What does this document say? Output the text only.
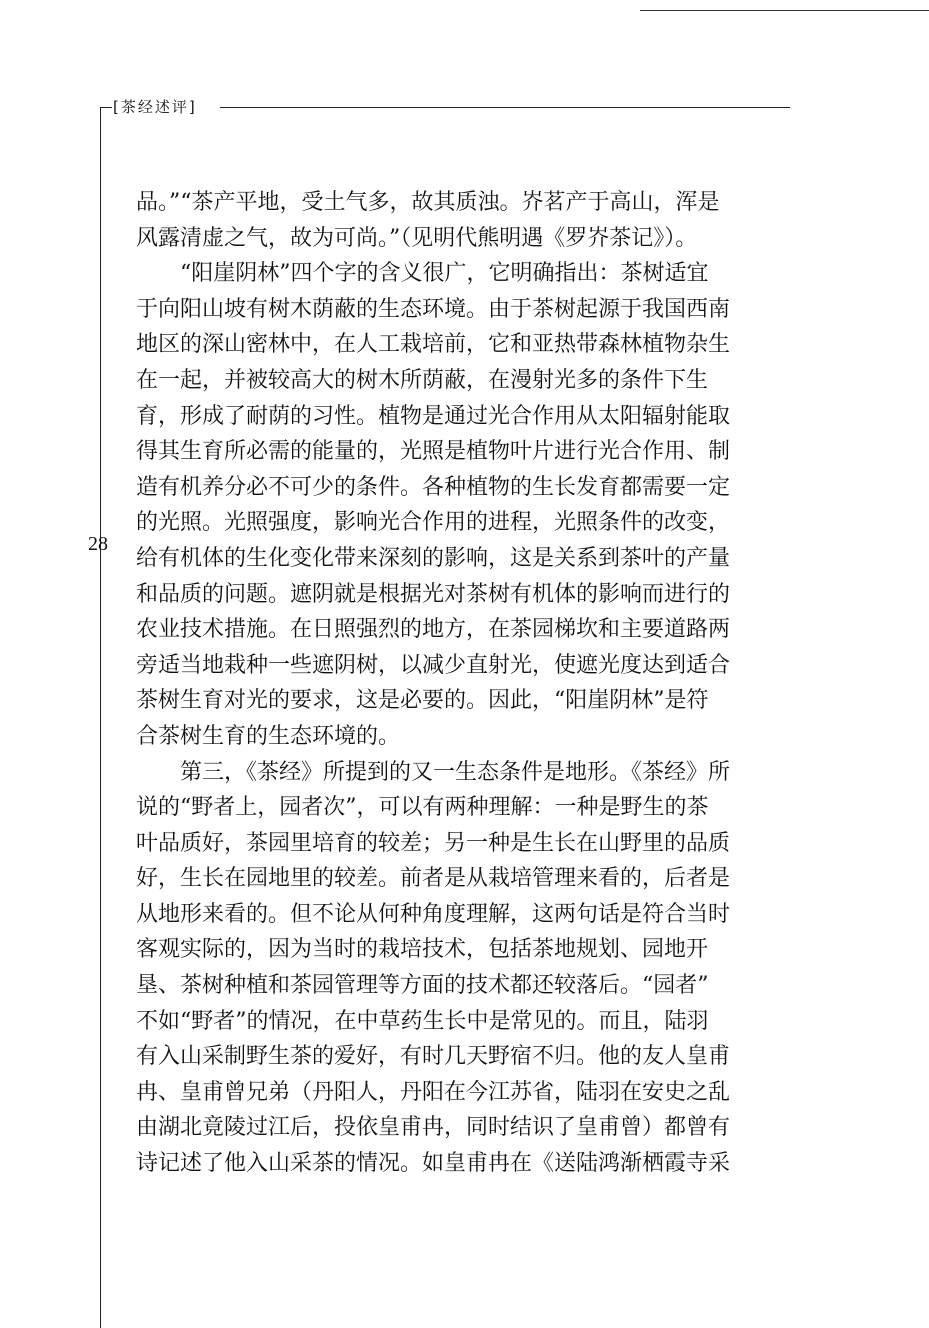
[茶经述评]
28
品。”“茶产平地，受土气多，故其质浊。岕茗产于高山，浑是
风露清虚之气，故为可尚。”（见明代熊明遇《罗岕茶记》）。
“阳崖阴林”四个字的含义很广，它明确指出：茶树适宜
于向阳山坡有树木荫蔽的生态环境。由于茶树起源于我国西南
地区的深山密林中，在人工栽培前，它和亚热带森林植物杂生
在一起，并被较高大的树木所荫蔽，在漫射光多的条件下生
育，形成了耐荫的习性。植物是通过光合作用从太阳辐射能取
得其生育所必需的能量的，光照是植物叶片进行光合作用、制
造有机养分必不可少的条件。各种植物的生长发育都需要一定
的光照。光照强度，影响光合作用的进程，光照条件的改变，
给有机体的生化变化带来深刻的影响，这是关系到茶叶的产量
和品质的问题。遮阴就是根据光对茶树有机体的影响而进行的
农业技术措施。在日照强烈的地方，在茶园梯坎和主要道路两
旁适当地栽种一些遮阴树，以减少直射光，使遮光度达到适合
茶树生育对光的要求，这是必要的。因此，“阳崖阴林”是符
合茶树生育的生态环境的。
第三，《茶经》所提到的又一生态条件是地形。《茶经》所
说的“野者上，园者次”，可以有两种理解：一种是野生的茶
叶品质好，茶园里培育的较差；另一种是生长在山野里的品质
好，生长在园地里的较差。前者是从栽培管理来看的，后者是
从地形来看的。但不论从何种角度理解，这两句话是符合当时
客观实际的，因为当时的栽培技术，包括茶地规划、园地开
垦、茶树种植和茶园管理等方面的技术都还较落后。“园者”
不如“野者”的情况，在中草药生长中是常见的。而且，陆羽
有入山采制野生茶的爱好，有时几天野宿不归。他的友人皇甫
冉、皇甫曾兄弟（丹阳人，丹阳在今江苏省，陆羽在安史之乱
由湖北竟陵过江后，投依皇甫冉，同时结识了皇甫曾）都曾有
诗记述了他入山采茶的情况。如皇甫冉在《送陆鸿渐栖霞寺采
